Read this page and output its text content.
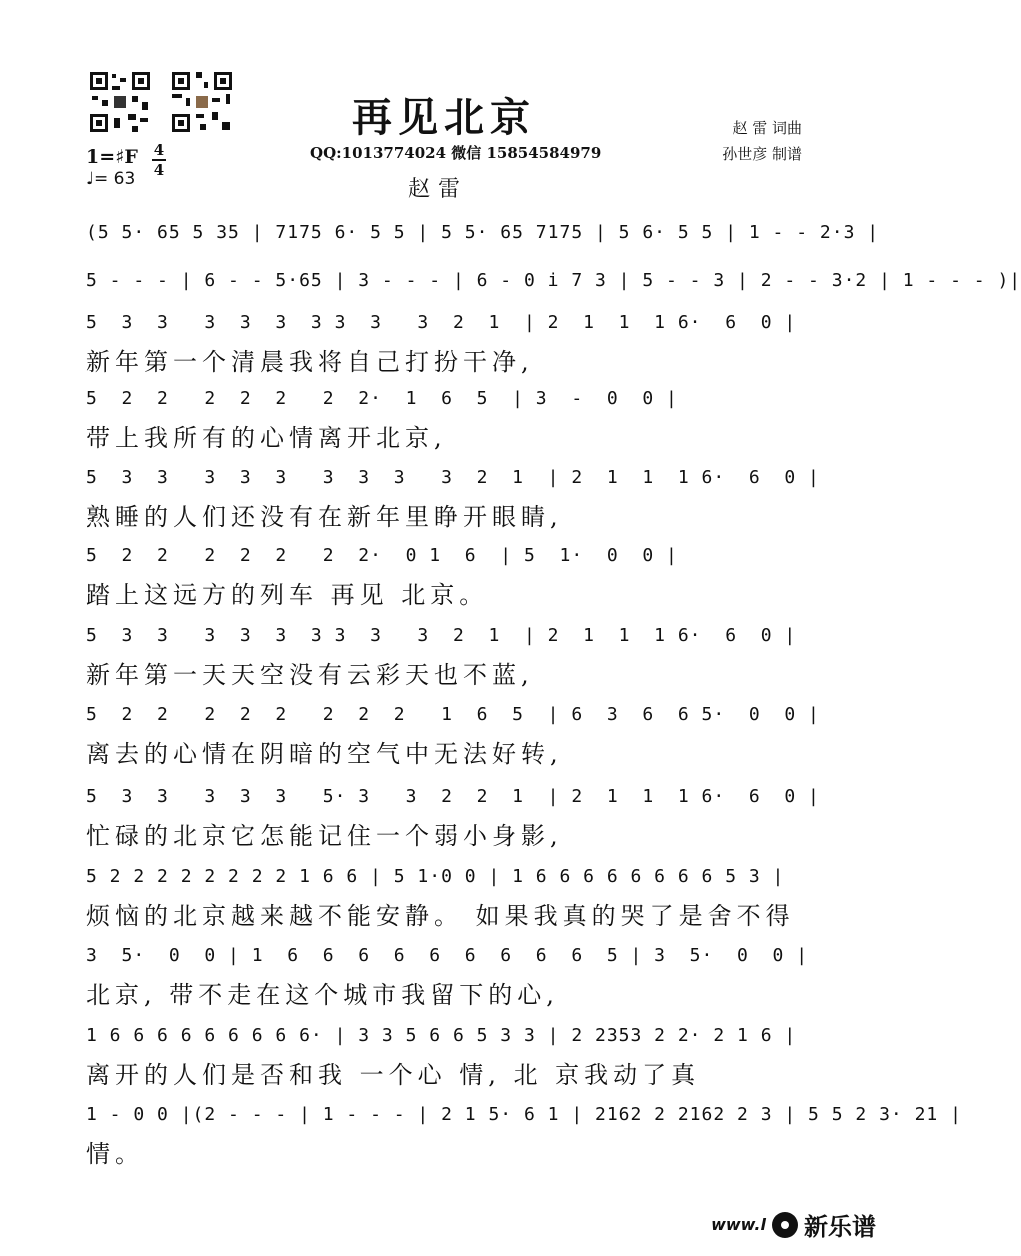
再见北京
1=♯F 4
4
♩= 63
QQ:1013774024 微信 15854584979
赵雷
赵 雷 词曲
孙世彦 制谱
(5 5· 65 5 35 | 7175 6· 5 5 | 5 5· 65 7175 | 5 6· 5 5 | 1 - - 2·3 |
5 - - - | 6 - - 5·65 | 3 - - - | 6 - 0 i 7 3 | 5 - - 3 | 2 - - 3·2 | 1 - - - )|
5  3  3   3  3  3  3 3  3   3  2  1  | 2  1  1  1 6·  6  0 |
新年第一个清晨我将自己打扮干净,
5  2  2   2  2  2   2  2·  1  6  5  | 3  -  0  0 |
带上我所有的心情离开北京,
5  3  3   3  3  3   3  3  3   3  2  1  | 2  1  1  1 6·  6  0 |
熟睡的人们还没有在新年里睁开眼睛,
5  2  2   2  2  2   2  2·  0 1  6  | 5  1·  0  0 |
踏上这远方的列车 再见 北京。
5  3  3   3  3  3  3 3  3   3  2  1  | 2  1  1  1 6·  6  0 |
新年第一天天空没有云彩天也不蓝,
5  2  2   2  2  2   2  2  2   1  6  5  | 6  3  6  6 5·  0  0 |
离去的心情在阴暗的空气中无法好转,
5  3  3   3  3  3   5· 3   3  2  2  1  | 2  1  1  1 6·  6  0 |
忙碌的北京它怎能记住一个弱小身影,
5 2 2 2 2 2 2 2 2 1 6 6 | 5 1·0 0 | 1 6 6 6 6 6 6 6 6 5 3 |
烦恼的北京越来越不能安静。 如果我真的哭了是舍不得
3  5·  0  0 | 1  6  6  6  6  6  6  6  6  6  5 | 3  5·  0  0 |
北京, 带不走在这个城市我留下的心,
1 6 6 6 6 6 6 6 6 6· | 3 3 5 6 6 5 3 3 | 2 2353 2 2· 2 1 6 |
离开的人们是否和我 一个心 情, 北 京我动了真
1 - 0 0 |(2 - - - | 1 - - - | 2 1 5· 6 1 | 2162 2 2162 2 3 | 5 5 2 3· 21 |
情。
www.l 新乐谱
